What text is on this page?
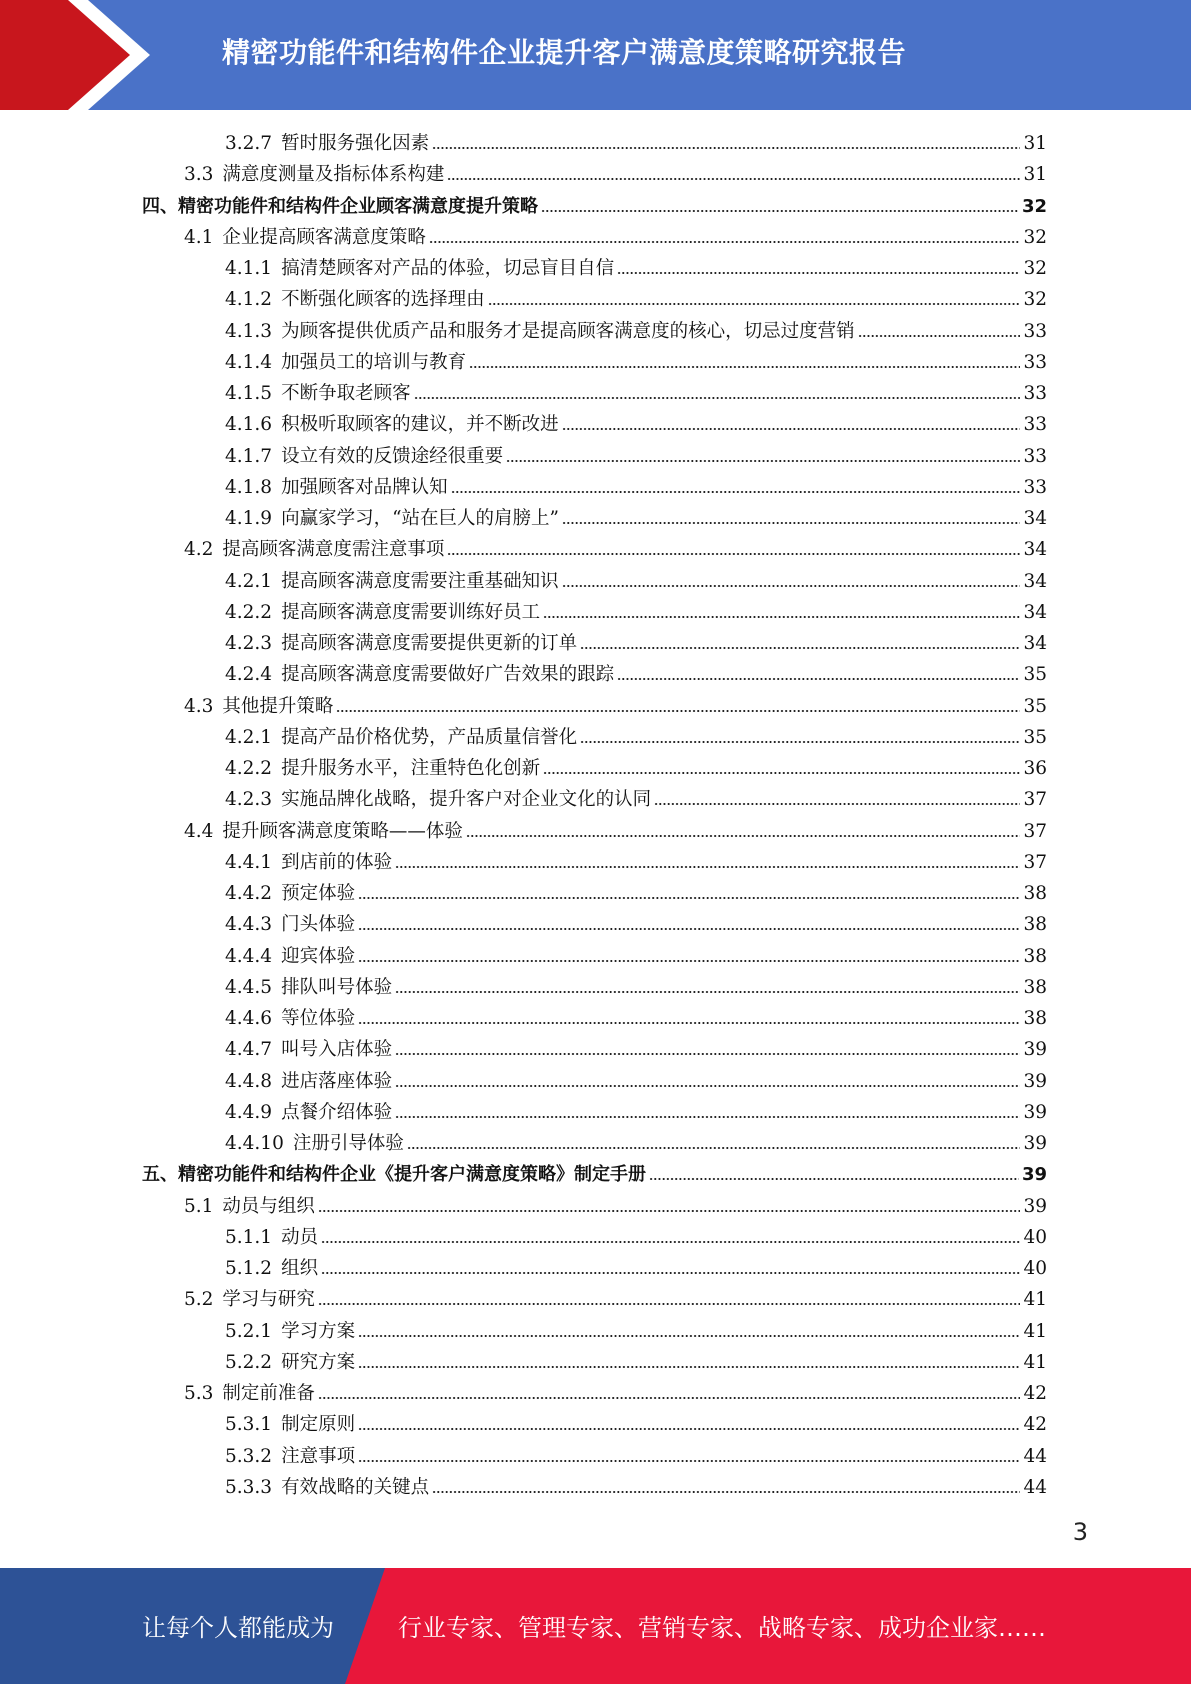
精密功能件和结构件企业提升客户满意度策略研究报告
3.2.7 暂时服务强化因素	31
3.3 满意度测量及指标体系构建	31
四、精密功能件和结构件企业顾客满意度提升策略	32
4.1 企业提高顾客满意度策略	32
4.1.1 搞清楚顾客对产品的体验，切忌盲目自信	32
4.1.2 不断强化顾客的选择理由	32
4.1.3 为顾客提供优质产品和服务才是提高顾客满意度的核心，切忌过度营销	33
4.1.4 加强员工的培训与教育	33
4.1.5 不断争取老顾客	33
4.1.6 积极听取顾客的建议，并不断改进	33
4.1.7 设立有效的反馈途经很重要	33
4.1.8 加强顾客对品牌认知	33
4.1.9 向赢家学习，“站在巨人的肩膀上”	34
4.2 提高顾客满意度需注意事项	34
4.2.1 提高顾客满意度需要注重基础知识	34
4.2.2 提高顾客满意度需要训练好员工	34
4.2.3 提高顾客满意度需要提供更新的订单	34
4.2.4 提高顾客满意度需要做好广告效果的跟踪	35
4.3 其他提升策略	35
4.2.1 提高产品价格优势，产品质量信誉化	35
4.2.2 提升服务水平，注重特色化创新	36
4.2.3 实施品牌化战略，提升客户对企业文化的认同	37
4.4 提升顾客满意度策略——体验	37
4.4.1 到店前的体验	37
4.4.2 预定体验	38
4.4.3 门头体验	38
4.4.4 迎宾体验	38
4.4.5 排队叫号体验	38
4.4.6 等位体验	38
4.4.7 叫号入店体验	39
4.4.8 进店落座体验	39
4.4.9 点餐介绍体验	39
4.4.10 注册引导体验	39
五、精密功能件和结构件企业《提升客户满意度策略》制定手册	39
5.1 动员与组织	39
5.1.1 动员	40
5.1.2 组织	40
5.2 学习与研究	41
5.2.1 学习方案	41
5.2.2 研究方案	41
5.3 制定前准备	42
5.3.1 制定原则	42
5.3.2 注意事项	44
5.3.3 有效战略的关键点	44
3
让每个人都能成为	行业专家、管理专家、营销专家、战略专家、成功企业家……
